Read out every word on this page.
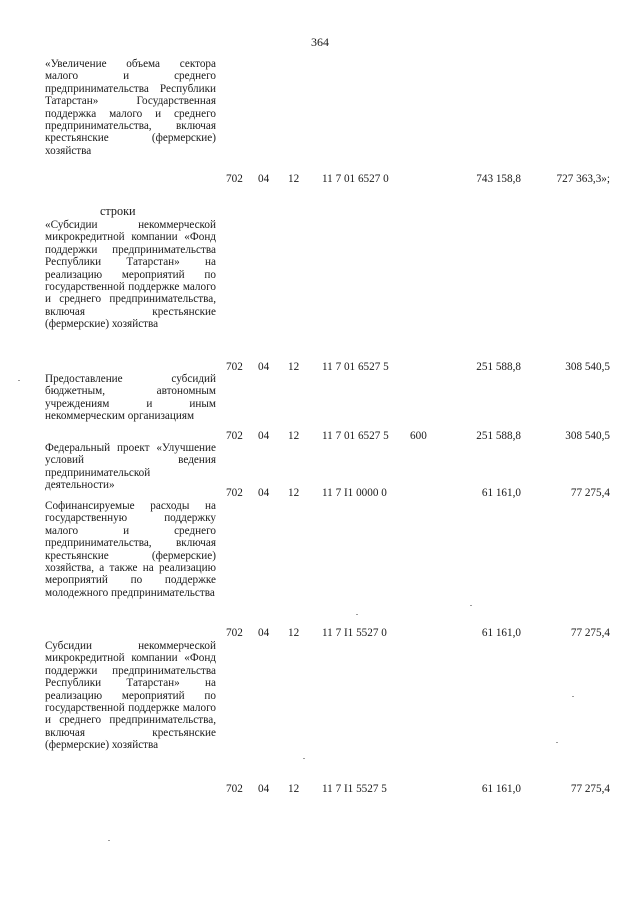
364
«Увеличение объема сектора малого и среднего предпринимательства Республики Татарстан» Государственная поддержка малого и среднего предпринимательства, включая крестьянские (фермерские) хозяйства
702 04 12 11 7 01 6527 0	743 158,8	727 363,3»;
строки
«Субсидии некоммерческой микрокредитной компании «Фонд поддержки предпринимательства Республики Татарстан» на реализацию мероприятий по государственной поддержке малого и среднего предпринимательства, включая крестьянские (фермерские) хозяйства
702 04 12 11 7 01 6527 5	251 588,8	308 540,5
Предоставление субсидий бюджетным, автономным учреждениям и иным некоммерческим организациям
702 04 12 11 7 01 6527 5 600	251 588,8	308 540,5
Федеральный проект «Улучшение условий ведения предпринимательской деятельности»
702 04 12 11 7 I1 0000 0	61 161,0	77 275,4
Софинансируемые расходы на государственную поддержку малого и среднего предпринимательства, включая крестьянские (фермерские) хозяйства, а также на реализацию мероприятий по поддержке молодежного предпринимательства
702 04 12 11 7 I1 5527 0	61 161,0	77 275,4
Субсидии некоммерческой микрокредитной компании «Фонд поддержки предпринимательства Республики Татарстан» на реализацию мероприятий по государственной поддержке малого и среднего предпринимательства, включая крестьянские (фермерские) хозяйства
702 04 12 11 7 I1 5527 5	61 161,0	77 275,4
